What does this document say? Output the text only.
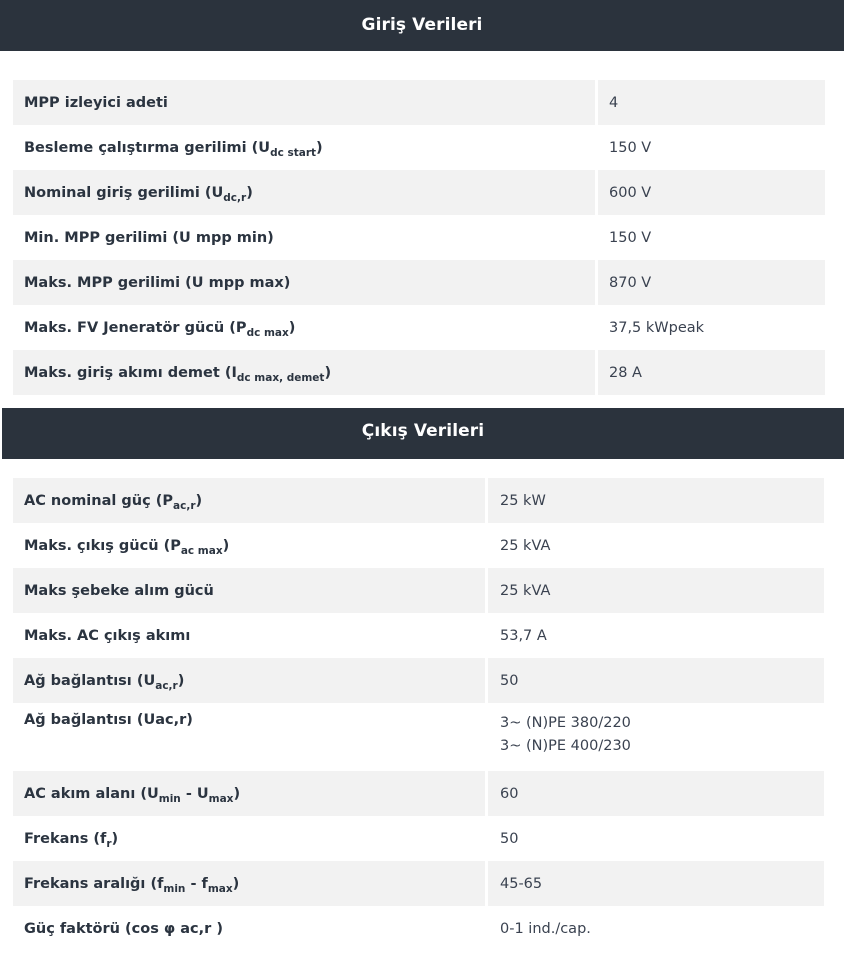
Giriş Verileri
MPP izleyici adeti	4
Besleme çalıştırma gerilimi $(U_{dc start})$	150 V
Nominal giriş gerilimi $(U_{dc,r})$	600 V
Min. MPP gerilimi (U mpp min)	150 V
Maks. MPP gerilimi (U mpp max)	870 V
Maks. FV Jeneratör gücü $(P_{dc max})$	37,5 kWpeak
Maks. giriş akımı demet $(I_{dc max, demet})$	28 A
Çıkış Verileri
AC nominal güç $(P_{ac,r})$	25 kW
Maks. çıkış gücü $(P_{ac max})$	25 kVA
Maks şebeke alım gücü	25 kVA
Maks. AC çıkış akımı	53,7 A
Ağ bağlantısı $(U_{ac,r})$	50
Ağ bağlantısı (Uac,r)	3~ (N)PE 380/220
3~ (N)PE 400/230

AC akım alanı $(U_{min} - U_{max})$	60
Frekans $(f_r)$	50
Frekans aralığı $(f_{min} - f_{max})$	45-65
Güç faktörü (cos φ ac,r )	0-1 ind./cap.
